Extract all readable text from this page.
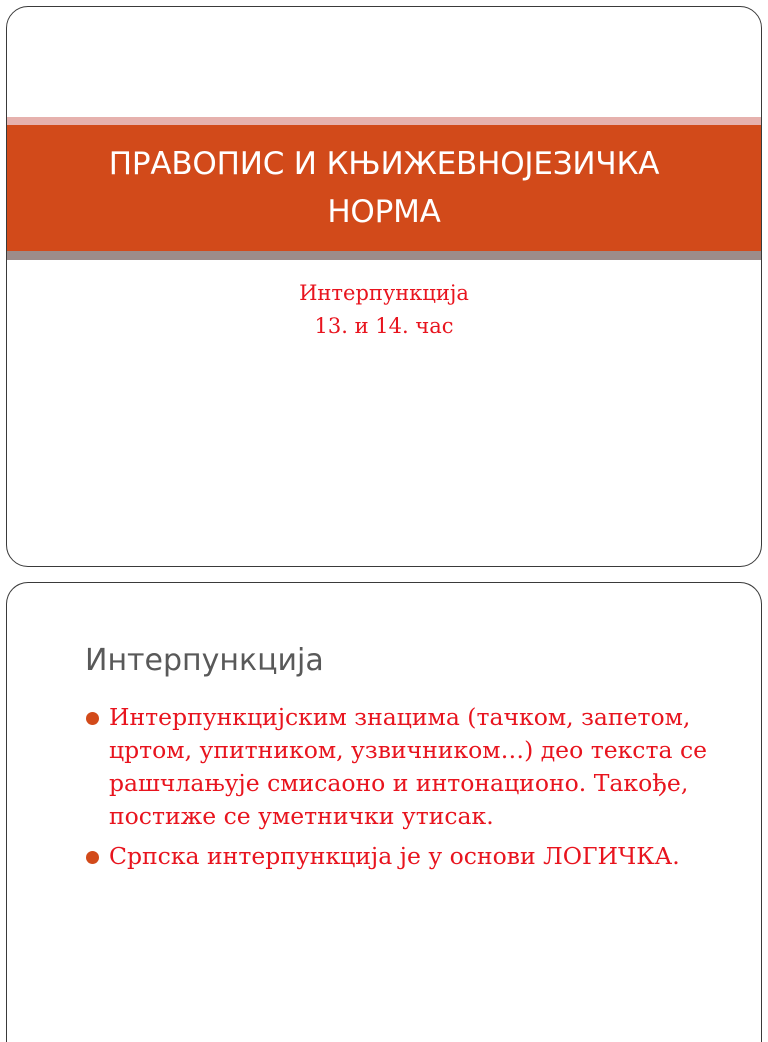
ПРАВОПИС И КЊИЖЕВНОЈЕЗИЧКА НОРМА
Интерпункција
13. и 14. час
Интерпункција
Интерпункцијским знацима (тачком, запетом, цртом, упитником, узвичником…) део текста се рашчлањује смисаоно и интонационо. Такође, постиже се уметнички утисак.
Српска интерпункција је у основи ЛОГИЧКА.
